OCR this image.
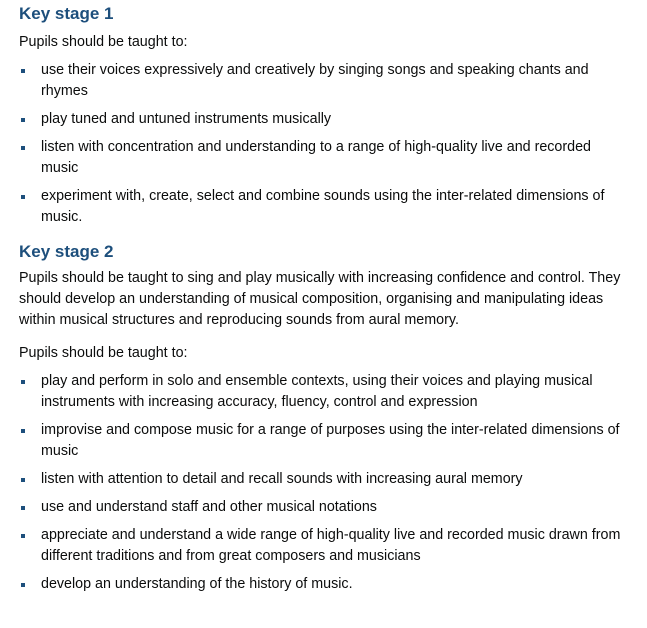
Key stage 1

Pupils should be taught to:

use their voices expressively and creatively by singing songs and speaking chants and rhymes
play tuned and untuned instruments musically
listen with concentration and understanding to a range of high-quality live and recorded music
experiment with, create, select and combine sounds using the inter-related dimensions of music.
Key stage 2

Pupils should be taught to sing and play musically with increasing confidence and control. They should develop an understanding of musical composition, organising and manipulating ideas within musical structures and reproducing sounds from aural memory.

Pupils should be taught to:

play and perform in solo and ensemble contexts, using their voices and playing musical instruments with increasing accuracy, fluency, control and expression
improvise and compose music for a range of purposes using the inter-related dimensions of music
listen with attention to detail and recall sounds with increasing aural memory
use and understand staff and other musical notations
appreciate and understand a wide range of high-quality live and recorded music drawn from different traditions and from great composers and musicians
develop an understanding of the history of music.
